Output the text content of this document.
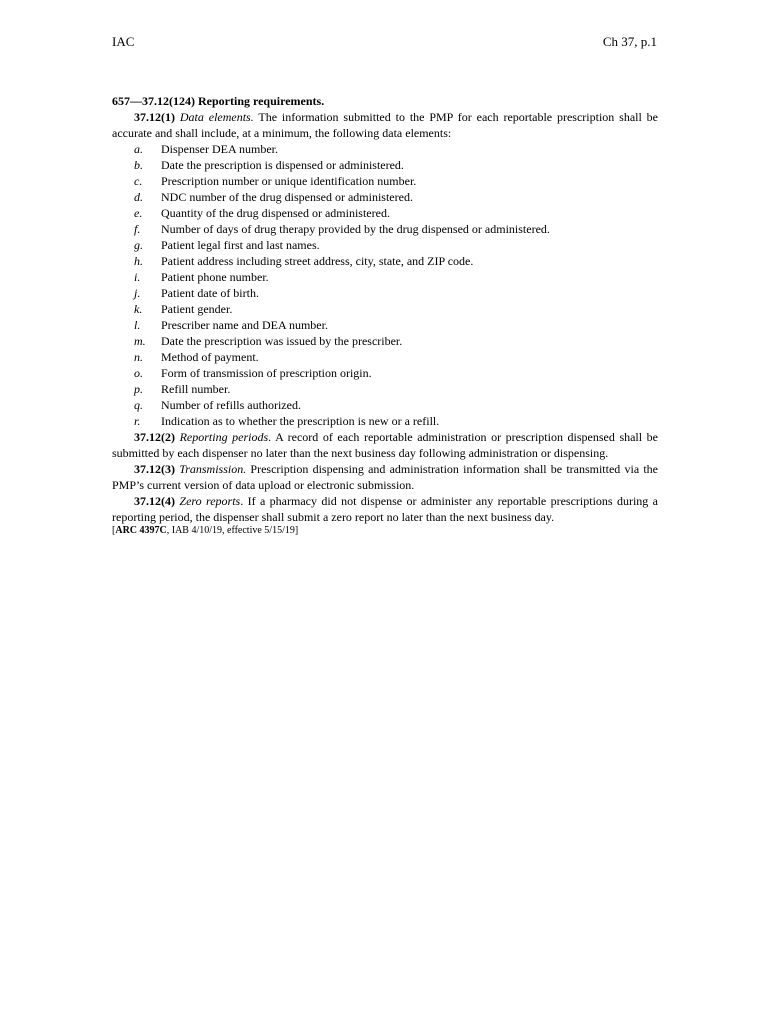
IAC	Ch 37, p.1
657—37.12(124) Reporting requirements.

37.12(1) Data elements. The information submitted to the PMP for each reportable prescription shall be accurate and shall include, at a minimum, the following data elements:

a.	Dispenser DEA number.
b.	Date the prescription is dispensed or administered.
c.	Prescription number or unique identification number.
d.	NDC number of the drug dispensed or administered.
e.	Quantity of the drug dispensed or administered.
f.	Number of days of drug therapy provided by the drug dispensed or administered.
g.	Patient legal first and last names.
h.	Patient address including street address, city, state, and ZIP code.
i.	Patient phone number.
j.	Patient date of birth.
k.	Patient gender.
l.	Prescriber name and DEA number.
m.	Date the prescription was issued by the prescriber.
n.	Method of payment.
o.	Form of transmission of prescription origin.
p.	Refill number.
q.	Number of refills authorized.
r.	Indication as to whether the prescription is new or a refill.

37.12(2) Reporting periods. A record of each reportable administration or prescription dispensed shall be submitted by each dispenser no later than the next business day following administration or dispensing.

37.12(3) Transmission. Prescription dispensing and administration information shall be transmitted via the PMP’s current version of data upload or electronic submission.

37.12(4) Zero reports. If a pharmacy did not dispense or administer any reportable prescriptions during a reporting period, the dispenser shall submit a zero report no later than the next business day.

[ARC 4397C, IAB 4/10/19, effective 5/15/19]
